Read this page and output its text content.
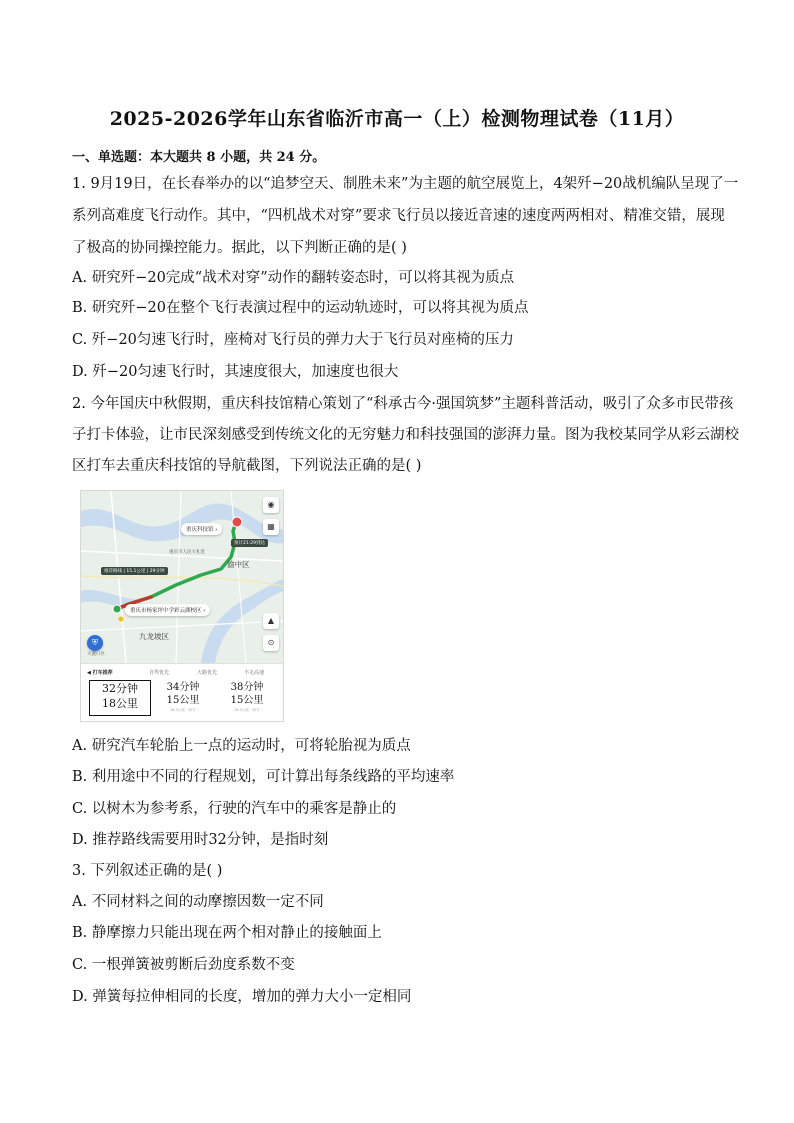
2025-2026学年山东省临沂市高一（上）检测物理试卷（11月）
一、单选题：本大题共 8 小题，共 24 分。
1. 9月19日，在长春举办的以“追梦空天、制胜未来”为主题的航空展览上，4架歼−20战机编队呈现了一
系列高难度飞行动作。其中，“四机战术对穿”要求飞行员以接近音速的速度两两相对、精准交错，展现
了极高的协同操控能力。据此，以下判断正确的是( )
A. 研究歼−20完成“战术对穿”动作的翻转姿态时，可以将其视为质点
B. 研究歼−20在整个飞行表演过程中的运动轨迹时，可以将其视为质点
C. 歼−20匀速飞行时，座椅对飞行员的弹力大于飞行员对座椅的压力
D. 歼−20匀速飞行时，其速度很大，加速度也很大
2. 今年国庆中秋假期，重庆科技馆精心策划了“科承古今·强国筑梦”主题科普活动，吸引了众多市民带孩
子打卡体验，让市民深刻感受到传统文化的无穷魅力和科技强国的澎湃力量。图为我校某同学从彩云湖校
区打车去重庆科技馆的导航截图，下列说法正确的是( )
重庆科技馆 ›
预计21:29到达
推荐路线 | 15.1公里 | 29分钟
重庆市杨家坪中学彩云湖校区 ›
渝中区
九龙坡区
大渡口区
重庆市人民大礼堂
◉
▦
▲
⊙
⛨
◀ 打车推荐	自驾优先	大路优先	不走高速
32分钟
18公里
34分钟
15公里
16.3公里 · 20个
38分钟
15公里
15.4公里 · 20个
A. 研究汽车轮胎上一点的运动时，可将轮胎视为质点
B. 利用途中不同的行程规划，可计算出每条线路的平均速率
C. 以树木为参考系，行驶的汽车中的乘客是静止的
D. 推荐路线需要用时32分钟，是指时刻
3. 下列叙述正确的是( )
A. 不同材料之间的动摩擦因数一定不同
B. 静摩擦力只能出现在两个相对静止的接触面上
C. 一根弹簧被剪断后劲度系数不变
D. 弹簧每拉伸相同的长度，增加的弹力大小一定相同
